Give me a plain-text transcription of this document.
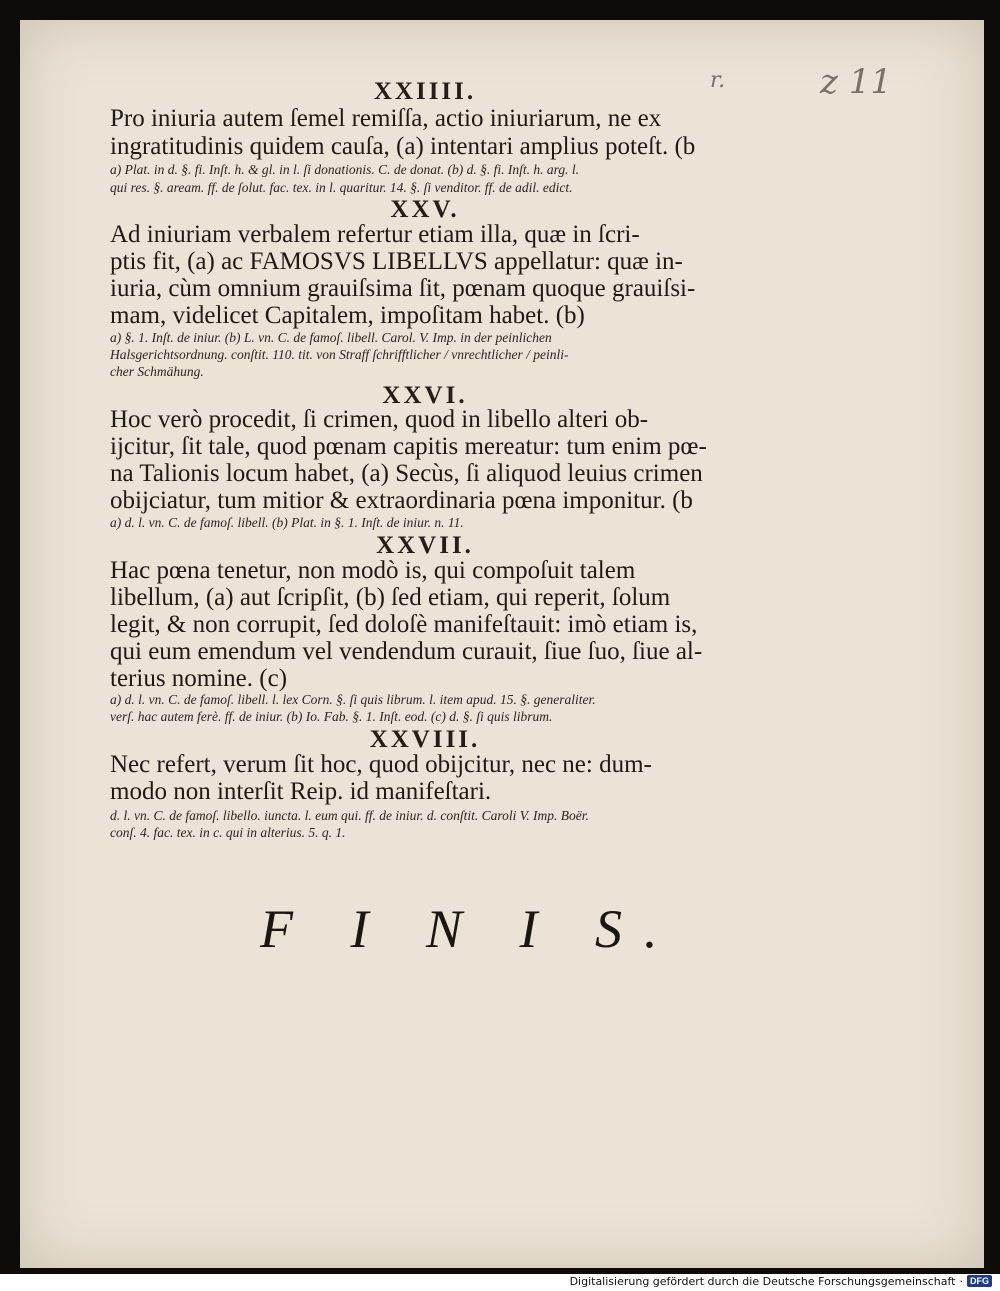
r.	z 11
XXIIII.
Pro iniuria autem ſemel remiſſa, actio iniuriarum, ne ex
ingratitudinis quidem cauſa, (a) intentari amplius poteſt. (b
a) Plat. in d. §. fi. Inſt. h. & gl. in l. ſi donationis. C. de donat. (b) d. §. fi. Inſt. h. arg. l.
qui res. §. aream. ff. de ſolut. fac. tex. in l. quaritur. 14. §. ſi venditor. ff. de adil. edict.
XXV.
Ad iniuriam verbalem refertur etiam illa, quæ in ſcri-
ptis fit, (a) ac FAMOSVS LIBELLVS appellatur: quæ in-
iuria, cùm omnium grauiſsima ſit, pœnam quoque grauiſsi-
mam, videlicet Capitalem, impoſitam habet. (b)
a) §. 1. Inſt. de iniur. (b) L. vn. C. de famoſ. libell. Carol. V. Imp. in der peinlichen
Halsgerichtsordnung. conſtit. 110. tit. von Straff ſchrifftlicher / vnrechtlicher / peinli-
cher Schmähung.
XXVI.
Hoc verò procedit, ſi crimen, quod in libello alteri ob-
ijcitur, ſit tale, quod pœnam capitis mereatur: tum enim pœ-
na Talionis locum habet, (a) Secùs, ſi aliquod leuius crimen
obijciatur, tum mitior & extraordinaria pœna imponitur. (b
a) d. l. vn. C. de famoſ. libell. (b) Plat. in §. 1. Inſt. de iniur. n. 11.
XXVII.
Hac pœna tenetur, non modò is, qui compoſuit talem
libellum, (a) aut ſcripſit, (b) ſed etiam, qui reperit, ſolum
legit, & non corrupit, ſed doloſè manifeſtauit: imò etiam is,
qui eum emendum vel vendendum curauit, ſiue ſuo, ſiue al-
terius nomine. (c)
a) d. l. vn. C. de famoſ. libell. l. lex Corn. §. ſi quis librum. l. item apud. 15. §. generaliter.
verſ. hac autem ferè. ff. de iniur. (b) Io. Fab. §. 1. Inſt. eod. (c) d. §. ſi quis librum.
XXVIII.
Nec refert, verum ſit hoc, quod obijcitur, nec ne: dum-
modo non interſit Reip. id manifeſtari.
d. l. vn. C. de famoſ. libello. iuncta. l. eum qui. ff. de iniur. d. conſtit. Caroli V. Imp. Boër.
conſ. 4. fac. tex. in c. qui in alterius. 5. q. 1.
F I N I S.
Digitalisierung gefördert durch die Deutsche Forschungsgemeinschaft · DFG
